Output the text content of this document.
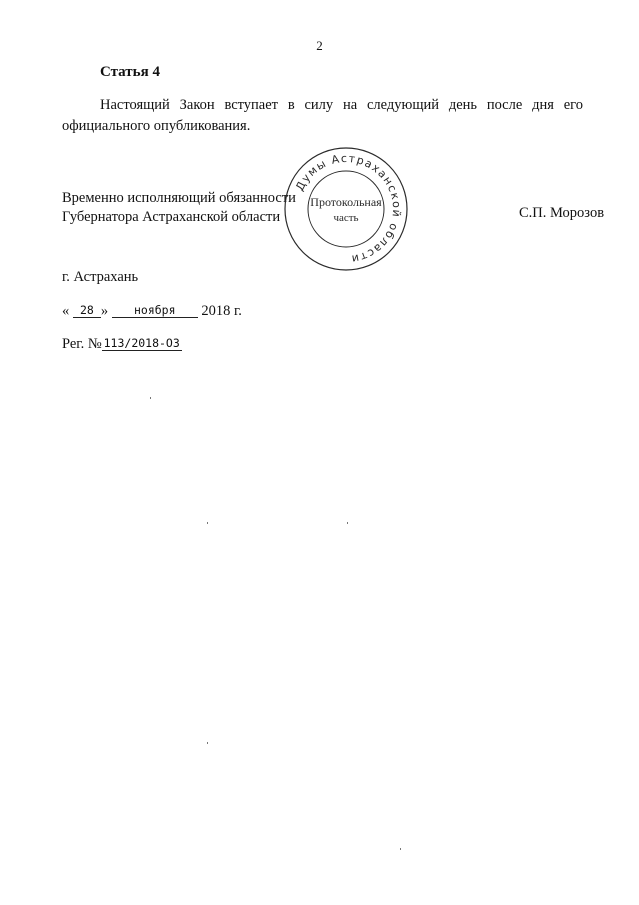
2
Статья 4

Настоящий Закон вступает в силу на следующий день после дня его официального опубликования.

Временно исполняющий обязанности
Губернатора Астраханской области
Думы Астраханской области
Протокольная
часть	С.П. Морозов
г. Астрахань
« 28 » ноября 2018 г.
Рег. № 113/2018-ОЗ
